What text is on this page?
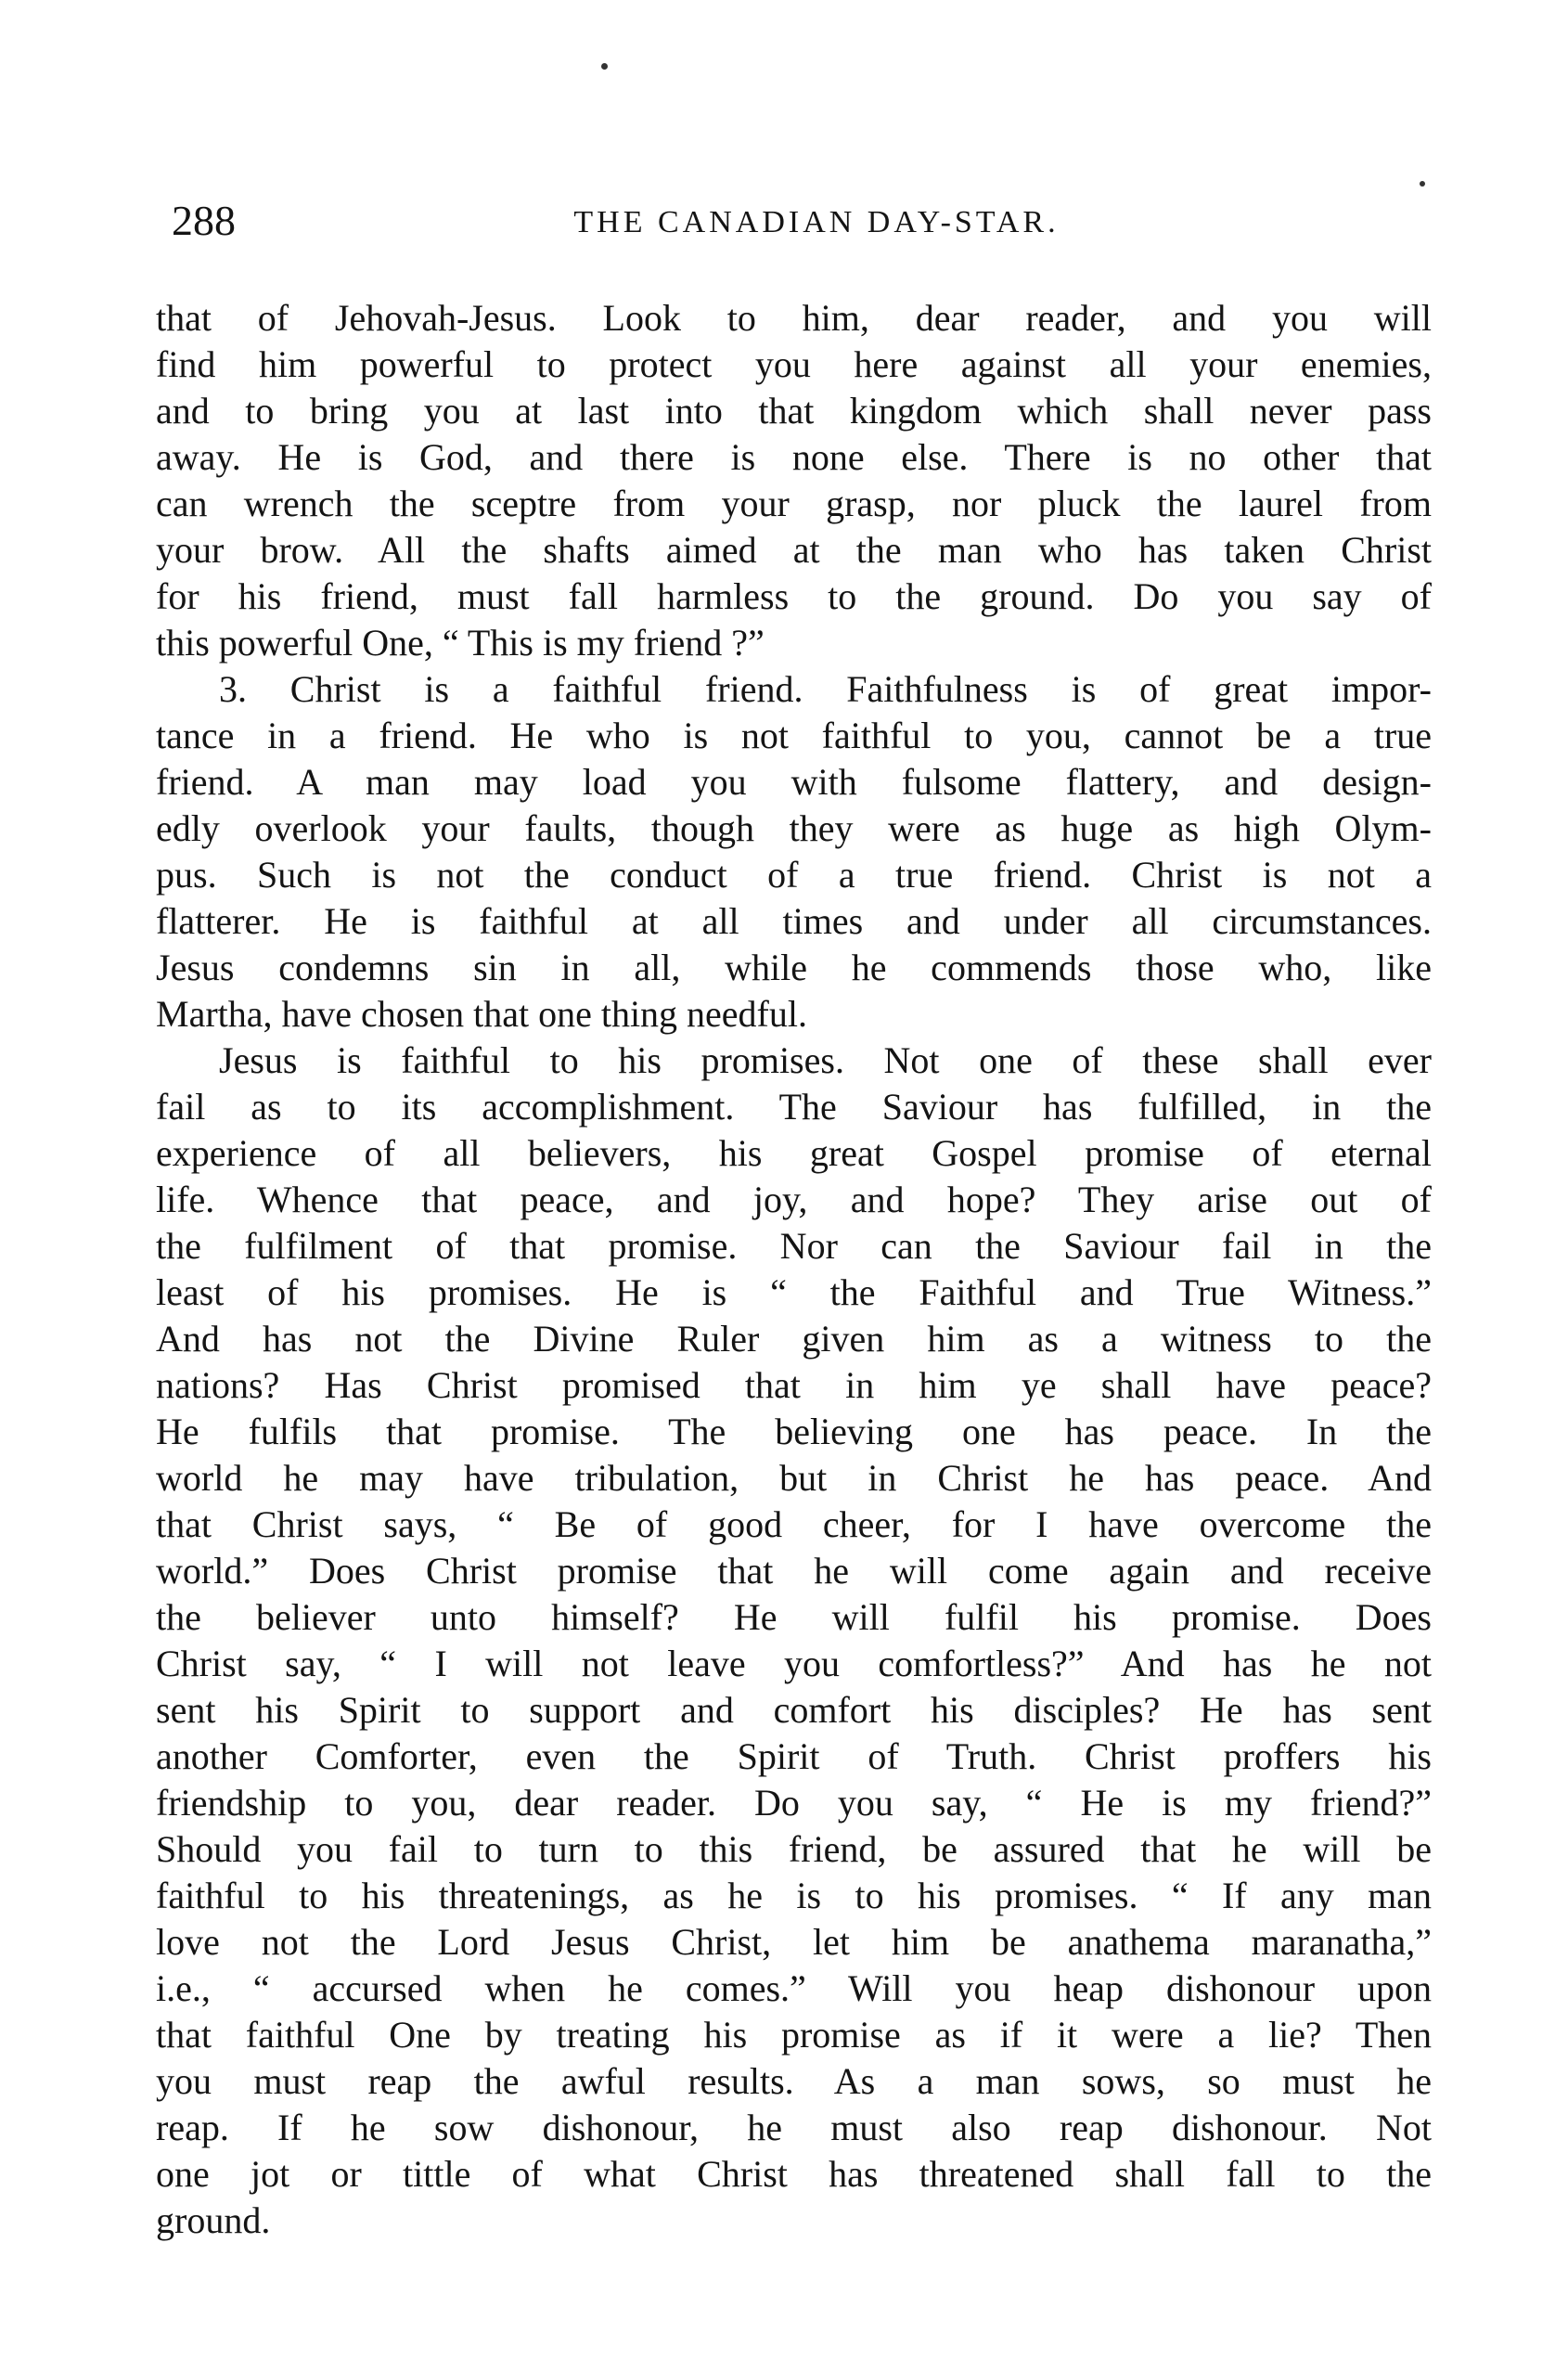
288	THE CANADIAN DAY-STAR.

that of Jehovah-Jesus. Look to him, dear reader, and you will
find him powerful to protect you here against all your enemies,
and to bring you at last into that kingdom which shall never pass
away. He is God, and there is none else. There is no other that
can wrench the sceptre from your grasp, nor pluck the laurel from
your brow. All the shafts aimed at the man who has taken Christ
for his friend, must fall harmless to the ground. Do you say of
this powerful One, “ This is my friend ?”

3. Christ is a faithful friend. Faithfulness is of great impor-
tance in a friend. He who is not faithful to you, cannot be a true
friend. A man may load you with fulsome flattery, and design-
edly overlook your faults, though they were as huge as high Olym-
pus. Such is not the conduct of a true friend. Christ is not a
flatterer. He is faithful at all times and under all circumstances.
Jesus condemns sin in all, while he commends those who, like
Martha, have chosen that one thing needful.

Jesus is faithful to his promises. Not one of these shall ever
fail as to its accomplishment. The Saviour has fulfilled, in the
experience of all believers, his great Gospel promise of eternal
life. Whence that peace, and joy, and hope? They arise out of
the fulfilment of that promise. Nor can the Saviour fail in the
least of his promises. He is “ the Faithful and True Witness.”
And has not the Divine Ruler given him as a witness to the
nations? Has Christ promised that in him ye shall have peace?
He fulfils that promise. The believing one has peace. In the
world he may have tribulation, but in Christ he has peace. And
that Christ says, “ Be of good cheer, for I have overcome the
world.” Does Christ promise that he will come again and receive
the believer unto himself? He will fulfil his promise. Does
Christ say, “ I will not leave you comfortless?” And has he not
sent his Spirit to support and comfort his disciples? He has sent
another Comforter, even the Spirit of Truth. Christ proffers his
friendship to you, dear reader. Do you say, “ He is my friend?”
Should you fail to turn to this friend, be assured that he will be
faithful to his threatenings, as he is to his promises. “ If any man
love not the Lord Jesus Christ, let him be anathema maranatha,”
i.e., “ accursed when he comes.” Will you heap dishonour upon
that faithful One by treating his promise as if it were a lie? Then
you must reap the awful results. As a man sows, so must he
reap. If he sow dishonour, he must also reap dishonour. Not
one jot or tittle of what Christ has threatened shall fall to the
ground.
